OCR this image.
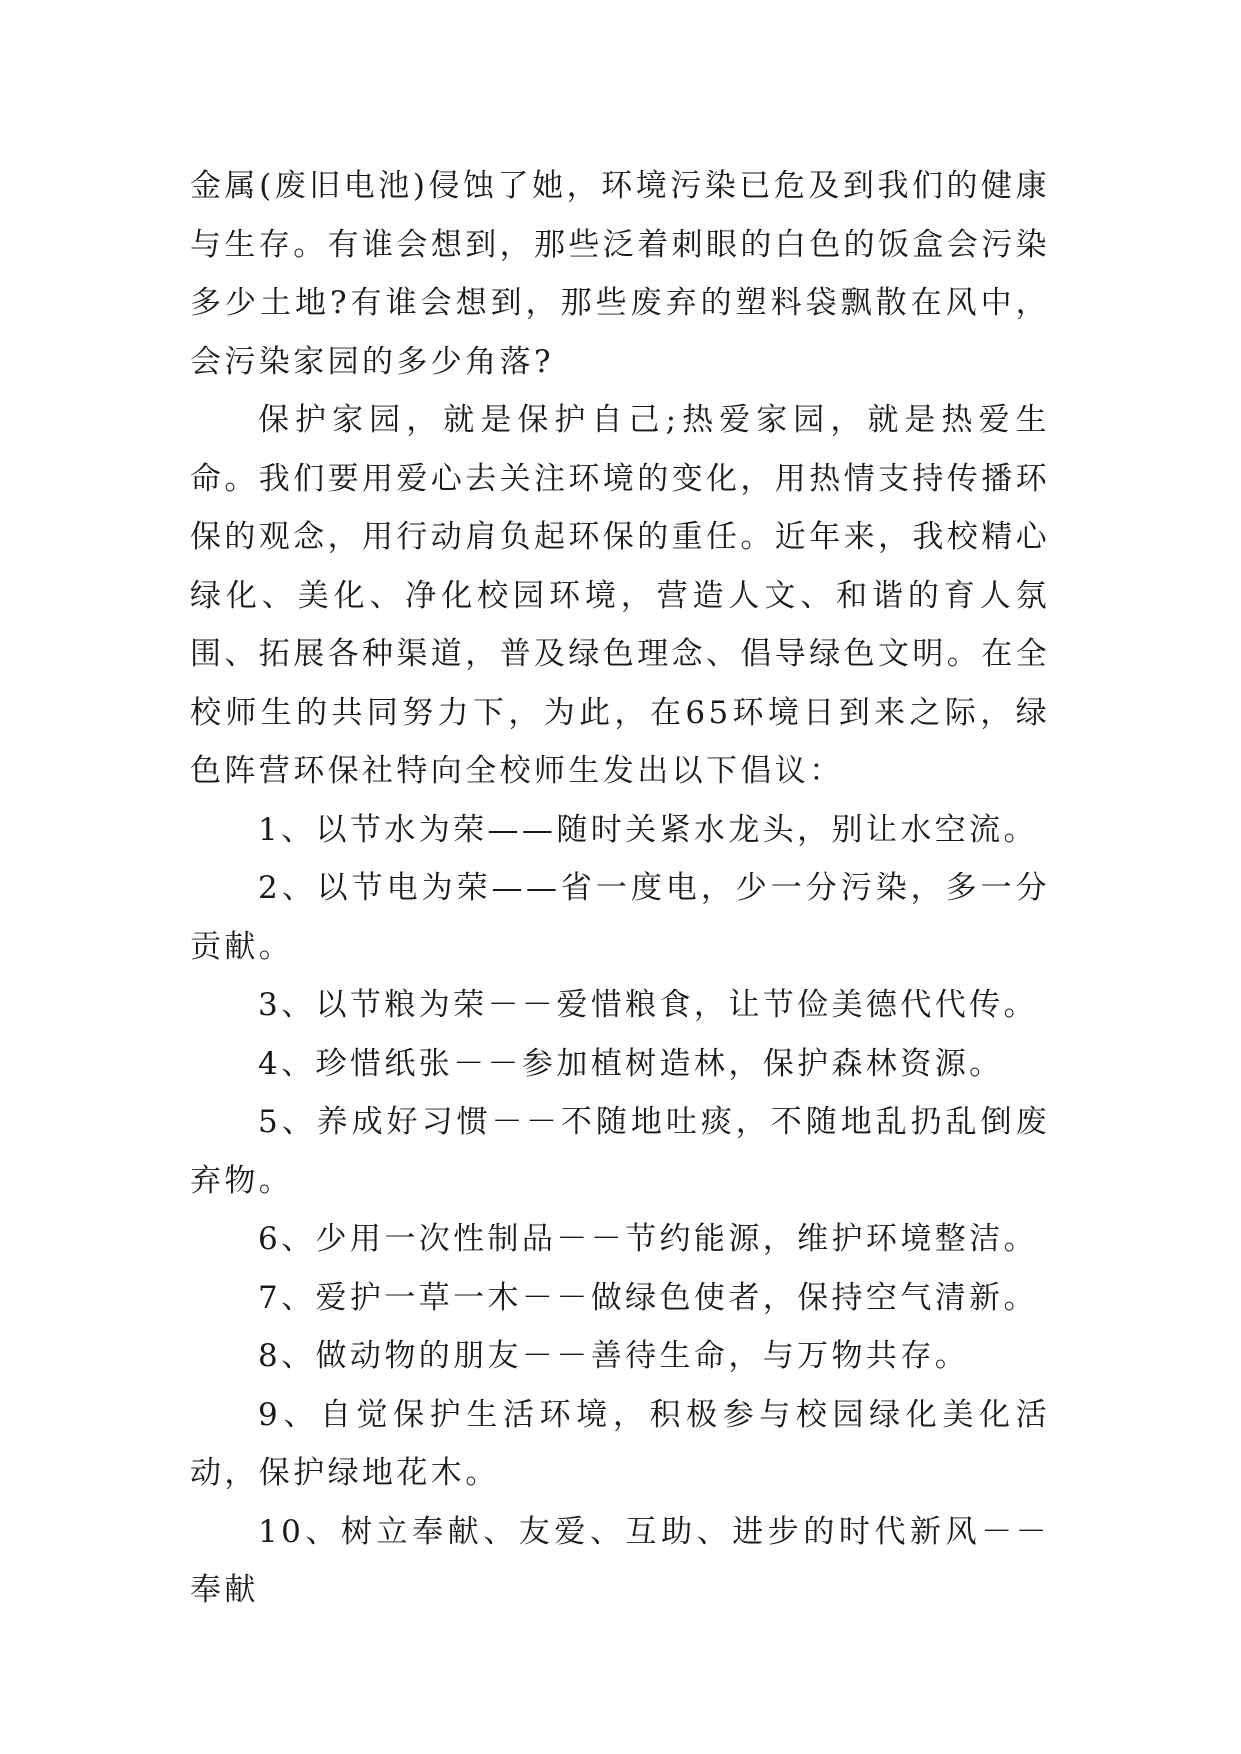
金属(废旧电池)侵蚀了她，环境污染已危及到我们的健康与生存。有谁会想到，那些泛着刺眼的白色的饭盒会污染多少土地?有谁会想到，那些废弃的塑料袋飘散在风中，会污染家园的多少角落?

保护家园，就是保护自己;热爱家园，就是热爱生命。我们要用爱心去关注环境的变化，用热情支持传播环保的观念，用行动肩负起环保的重任。近年来，我校精心绿化、美化、净化校园环境，营造人文、和谐的育人氛围、拓展各种渠道，普及绿色理念、倡导绿色文明。在全校师生的共同努力下，为此，在65环境日到来之际，绿色阵营环保社特向全校师生发出以下倡议：

1、以节水为荣——随时关紧水龙头，别让水空流。

2、以节电为荣——省一度电，少一分污染，多一分贡献。

3、以节粮为荣－－爱惜粮食，让节俭美德代代传。

4、珍惜纸张－－参加植树造林，保护森林资源。

5、养成好习惯－－不随地吐痰，不随地乱扔乱倒废弃物。

6、少用一次性制品－－节约能源，维护环境整洁。

7、爱护一草一木－－做绿色使者，保持空气清新。

8、做动物的朋友－－善待生命，与万物共存。

9、自觉保护生活环境，积极参与校园绿化美化活动，保护绿地花木。

10、树立奉献、友爱、互助、进步的时代新风－－奉献
